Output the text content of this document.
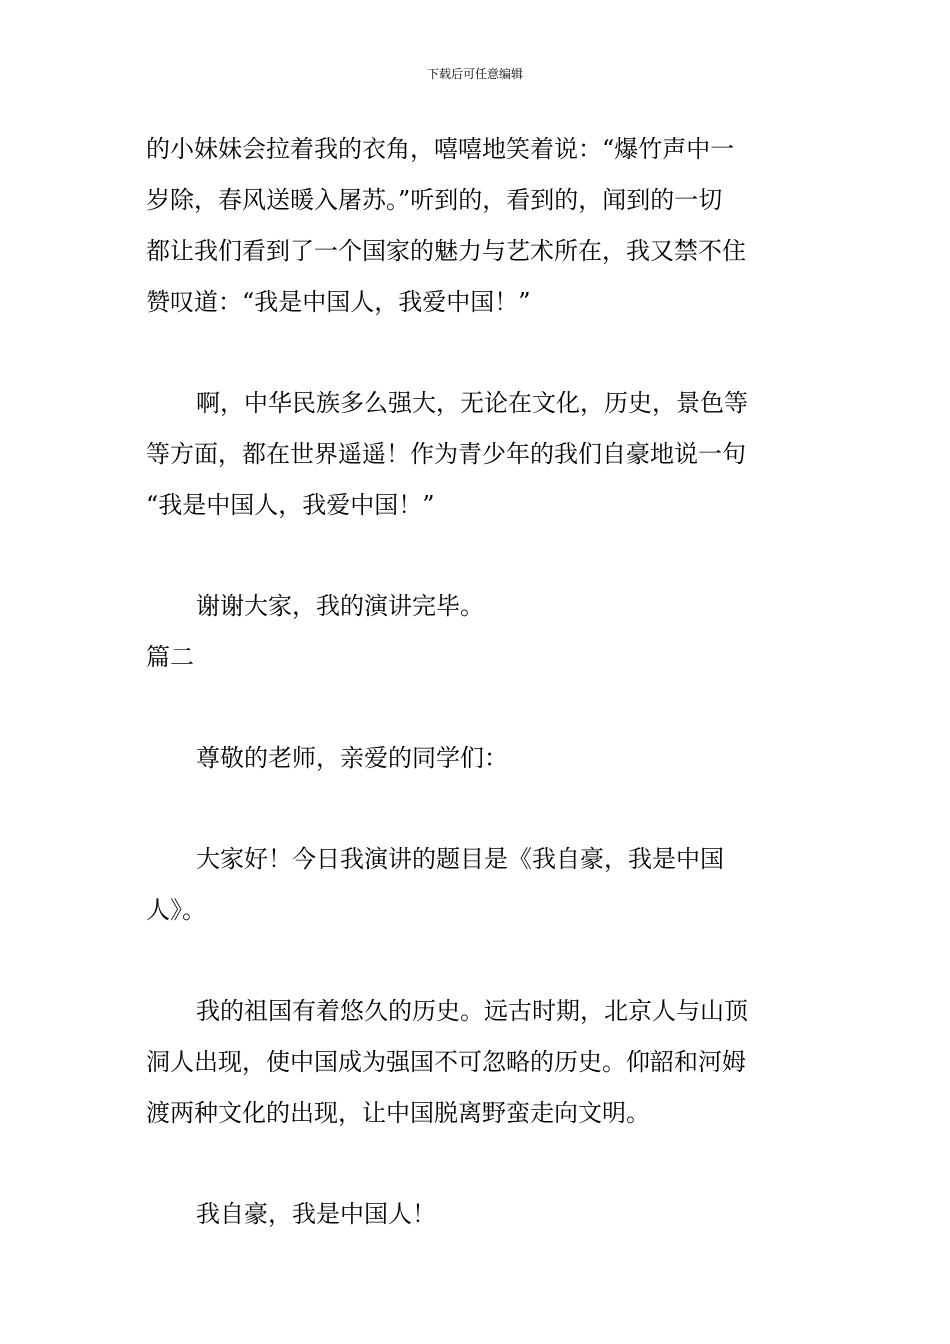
下载后可任意编辑

的小妹妹会拉着我的衣角，嘻嘻地笑着说：“爆竹声中一

岁除，春风送暖入屠苏。”听到的，看到的，闻到的一切

都让我们看到了一个国家的魅力与艺术所在，我又禁不住

赞叹道：“我是中国人，我爱中国！”

啊，中华民族多么强大，无论在文化，历史，景色等

等方面，都在世界遥遥！作为青少年的我们自豪地说一句

“我是中国人，我爱中国！”

谢谢大家，我的演讲完毕。

篇二

尊敬的老师，亲爱的同学们：

大家好！今日我演讲的题目是《我自豪，我是中国

人》。

我的祖国有着悠久的历史。远古时期，北京人与山顶

洞人出现，使中国成为强国不可忽略的历史。仰韶和河姆

渡两种文化的出现，让中国脱离野蛮走向文明。

我自豪，我是中国人！
